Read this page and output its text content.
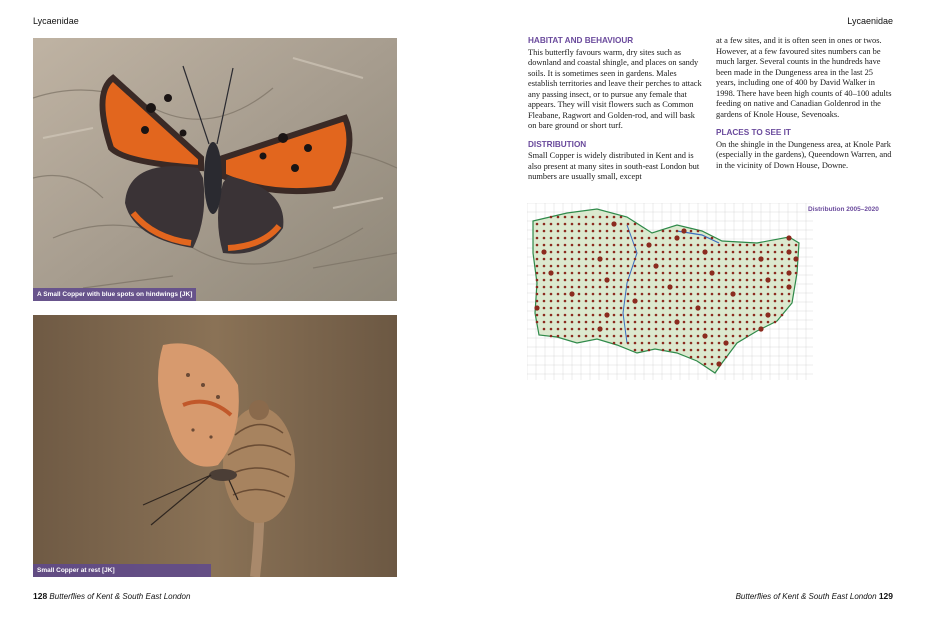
Lycaenidae	Lycaenidae
A Small Copper with blue spots on hindwings [JK]
Small Copper at rest [JK]
HABITAT AND BEHAVIOUR

This butterfly favours warm, dry sites such as downland and coastal shingle, and places on sandy soils. It is sometimes seen in gardens. Males establish territories and leave their perches to attack any passing insect, or to pursue any female that appears. They will visit flowers such as Common Fleabane, Ragwort and Golden-rod, and will bask on bare ground or short turf.

DISTRIBUTION

Small Copper is widely distributed in Kent and is also present at many sites in south-east London but numbers are usually small, except

at a few sites, and it is often seen in ones or twos. However, at a few favoured sites numbers can be much larger. Several counts in the hundreds have been made in the Dungeness area in the last 25 years, including one of 400 by David Walker in 1998. There have been high counts of 40–100 adults feeding on native and Canadian Goldenrod in the gardens of Knole House, Sevenoaks.

PLACES TO SEE IT

On the shingle in the Dungeness area, at Knole Park (especially in the gardens), Queendown Warren, and in the vicinity of Down House, Downe.

Distribution 2005–2020
128 Butterflies of Kent & South East London	Butterflies of Kent & South East London 129
